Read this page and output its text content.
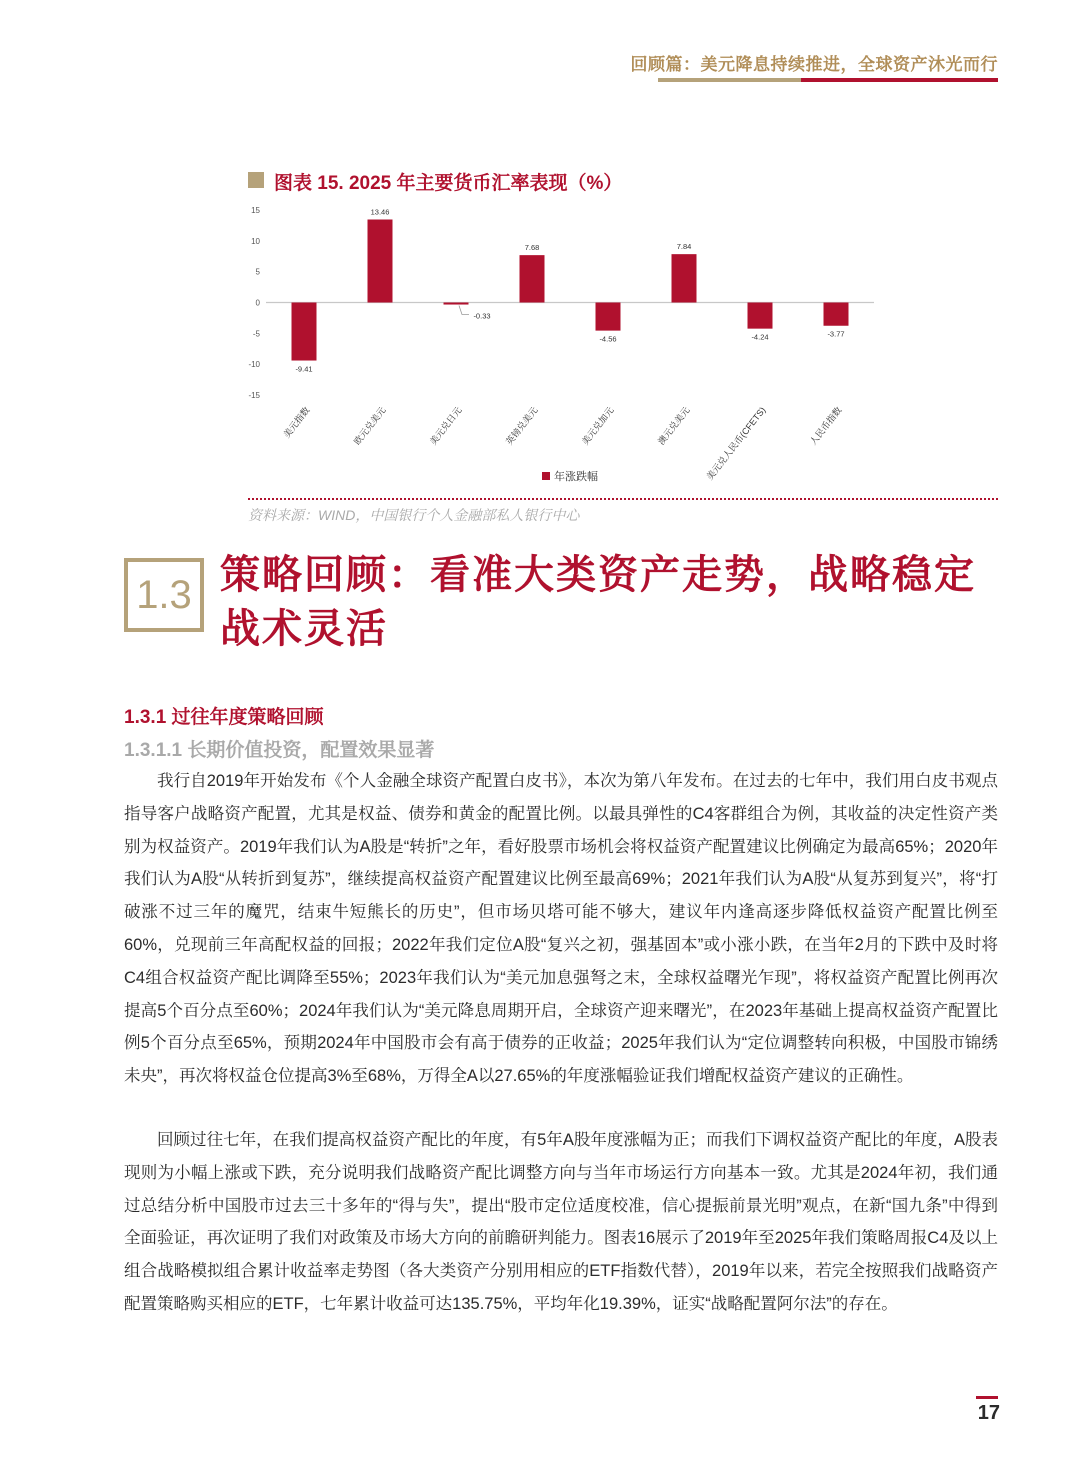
回顾篇：美元降息持续推进，全球资产沐光而行
图表 15. 2025 年主要货币汇率表现（%）
15
10
5
0
-5
-10
-15
-9.41
美元指数
13.46
欧元兑美元
-0.33
美元兑日元
7.68
英镑兑美元
-4.56
美元兑加元
7.84
澳元兑美元
-4.24
美元兑人民币(CFETS)
-3.77
人民币指数
年涨跌幅
资料来源：WIND，中国银行个人金融部私人银行中心
1.3 策略回顾：看准大类资产走势，战略稳定战术灵活
1.3.1 过往年度策略回顾
1.3.1.1 长期价值投资，配置效果显著

我行自2019年开始发布《个人金融全球资产配置白皮书》，本次为第八年发布。在过去的七年中，我们用白皮书观点指导客户战略资产配置，尤其是权益、债券和黄金的配置比例。以最具弹性的C4客群组合为例，其收益的决定性资产类别为权益资产。2019年我们认为A股是“转折”之年，看好股票市场机会将权益资产配置建议比例确定为最高65%；2020年我们认为A股“从转折到复苏”，继续提高权益资产配置建议比例至最高69%；2021年我们认为A股“从复苏到复兴”，将“打破涨不过三年的魔咒，结束牛短熊长的历史”，但市场贝塔可能不够大，建议年内逢高逐步降低权益资产配置比例至60%，兑现前三年高配权益的回报；2022年我们定位A股“复兴之初，强基固本”或小涨小跌，在当年2月的下跌中及时将C4组合权益资产配比调降至55%；2023年我们认为“美元加息强弩之末，全球权益曙光乍现”，将权益资产配置比例再次提高5个百分点至60%；2024年我们认为“美元降息周期开启，全球资产迎来曙光”，在2023年基础上提高权益资产配置比例5个百分点至65%，预期2024年中国股市会有高于债券的正收益；2025年我们认为“定位调整转向积极，中国股市锦绣未央”，再次将权益仓位提高3%至68%，万得全A以27.65%的年度涨幅验证我们增配权益资产建议的正确性。

回顾过往七年，在我们提高权益资产配比的年度，有5年A股年度涨幅为正；而我们下调权益资产配比的年度，A股表现则为小幅上涨或下跌，充分说明我们战略资产配比调整方向与当年市场运行方向基本一致。尤其是2024年初，我们通过总结分析中国股市过去三十多年的“得与失”，提出“股市定位适度校准，信心提振前景光明”观点，在新“国九条”中得到全面验证，再次证明了我们对政策及市场大方向的前瞻研判能力。图表16展示了2019年至2025年我们策略周报C4及以上组合战略模拟组合累计收益率走势图（各大类资产分别用相应的ETF指数代替），2019年以来，若完全按照我们战略资产配置策略购买相应的ETF，七年累计收益可达135.75%，平均年化19.39%，证实“战略配置阿尔法”的存在。

17
